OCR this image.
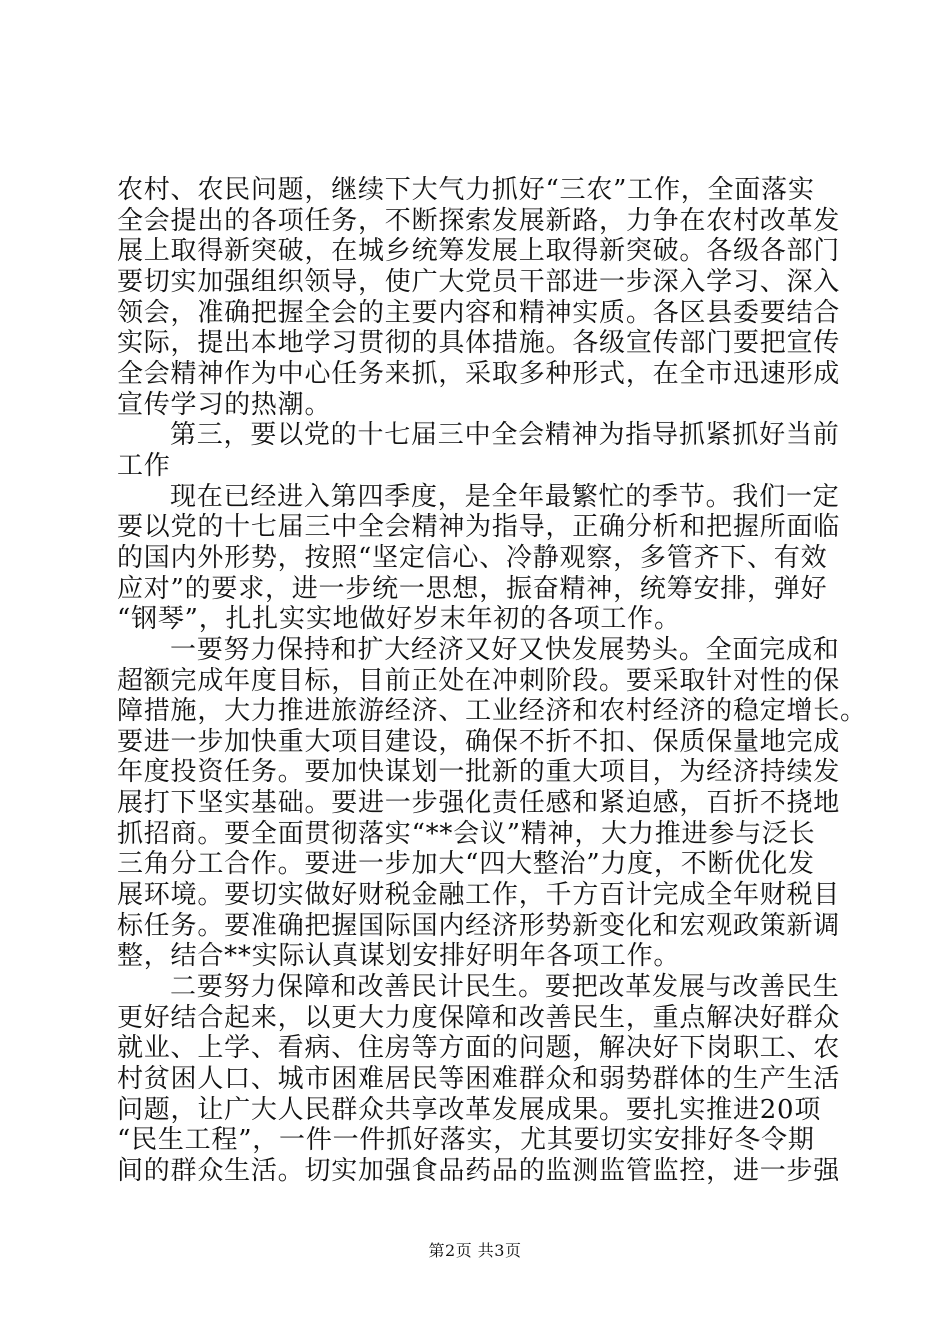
农村、农民问题，继续下大气力抓好“三农”工作，全面落实
全会提出的各项任务，不断探索发展新路，力争在农村改革发
展上取得新突破，在城乡统筹发展上取得新突破。各级各部门
要切实加强组织领导，使广大党员干部进一步深入学习、深入
领会，准确把握全会的主要内容和精神实质。各区县委要结合
实际，提出本地学习贯彻的具体措施。各级宣传部门要把宣传
全会精神作为中心任务来抓，采取多种形式，在全市迅速形成
宣传学习的热潮。
第三，要以党的十七届三中全会精神为指导抓紧抓好当前
工作
现在已经进入第四季度，是全年最繁忙的季节。我们一定
要以党的十七届三中全会精神为指导，正确分析和把握所面临
的国内外形势，按照“坚定信心、冷静观察，多管齐下、有效
应对”的要求，进一步统一思想，振奋精神，统筹安排，弹好
“钢琴”，扎扎实实地做好岁末年初的各项工作。
一要努力保持和扩大经济又好又快发展势头。全面完成和
超额完成年度目标，目前正处在冲刺阶段。要采取针对性的保
障措施，大力推进旅游经济、工业经济和农村经济的稳定增长。
要进一步加快重大项目建设，确保不折不扣、保质保量地完成
年度投资任务。要加快谋划一批新的重大项目，为经济持续发
展打下坚实基础。要进一步强化责任感和紧迫感，百折不挠地
抓招商。要全面贯彻落实“**会议”精神，大力推进参与泛长
三角分工合作。要进一步加大“四大整治”力度，不断优化发
展环境。要切实做好财税金融工作，千方百计完成全年财税目
标任务。要准确把握国际国内经济形势新变化和宏观政策新调
整，结合**实际认真谋划安排好明年各项工作。
二要努力保障和改善民计民生。要把改革发展与改善民生
更好结合起来，以更大力度保障和改善民生，重点解决好群众
就业、上学、看病、住房等方面的问题，解决好下岗职工、农
村贫困人口、城市困难居民等困难群众和弱势群体的生产生活
问题，让广大人民群众共享改革发展成果。要扎实推进20项
“民生工程”，一件一件抓好落实，尤其要切实安排好冬令期
间的群众生活。切实加强食品药品的监测监管监控，进一步强
第2页 共3页
